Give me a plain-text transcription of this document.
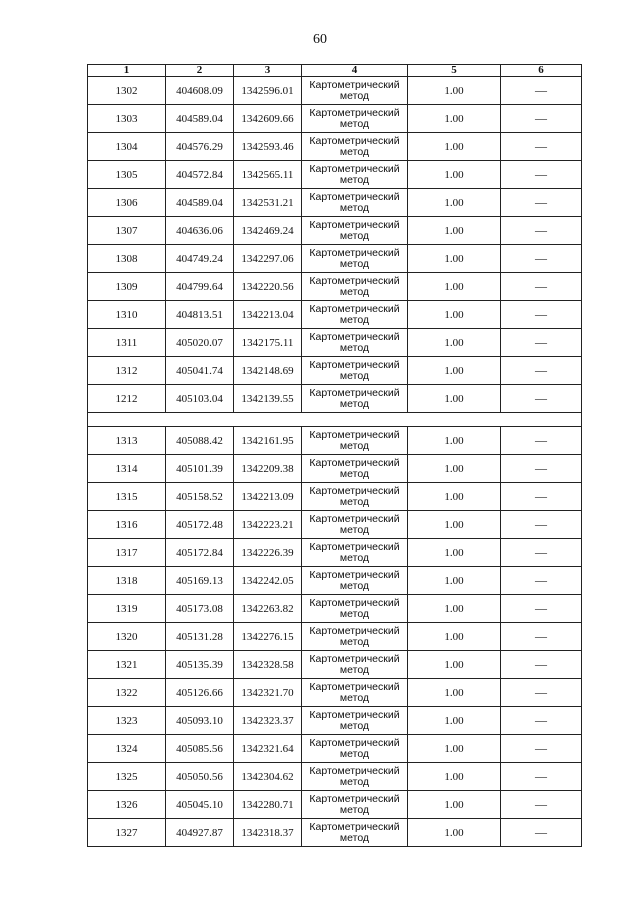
60
1	2	3	4	5	6
1302	404608.09	1342596.01	Картометрический метод	1.00	—
1303	404589.04	1342609.66	Картометрический метод	1.00	—
1304	404576.29	1342593.46	Картометрический метод	1.00	—
1305	404572.84	1342565.11	Картометрический метод	1.00	—
1306	404589.04	1342531.21	Картометрический метод	1.00	—
1307	404636.06	1342469.24	Картометрический метод	1.00	—
1308	404749.24	1342297.06	Картометрический метод	1.00	—
1309	404799.64	1342220.56	Картометрический метод	1.00	—
1310	404813.51	1342213.04	Картометрический метод	1.00	—
1311	405020.07	1342175.11	Картометрический метод	1.00	—
1312	405041.74	1342148.69	Картометрический метод	1.00	—
1212	405103.04	1342139.55	Картометрический метод	1.00	—

1313	405088.42	1342161.95	Картометрический метод	1.00	—
1314	405101.39	1342209.38	Картометрический метод	1.00	—
1315	405158.52	1342213.09	Картометрический метод	1.00	—
1316	405172.48	1342223.21	Картометрический метод	1.00	—
1317	405172.84	1342226.39	Картометрический метод	1.00	—
1318	405169.13	1342242.05	Картометрический метод	1.00	—
1319	405173.08	1342263.82	Картометрический метод	1.00	—
1320	405131.28	1342276.15	Картометрический метод	1.00	—
1321	405135.39	1342328.58	Картометрический метод	1.00	—
1322	405126.66	1342321.70	Картометрический метод	1.00	—
1323	405093.10	1342323.37	Картометрический метод	1.00	—
1324	405085.56	1342321.64	Картометрический метод	1.00	—
1325	405050.56	1342304.62	Картометрический метод	1.00	—
1326	405045.10	1342280.71	Картометрический метод	1.00	—
1327	404927.87	1342318.37	Картометрический метод	1.00	—
